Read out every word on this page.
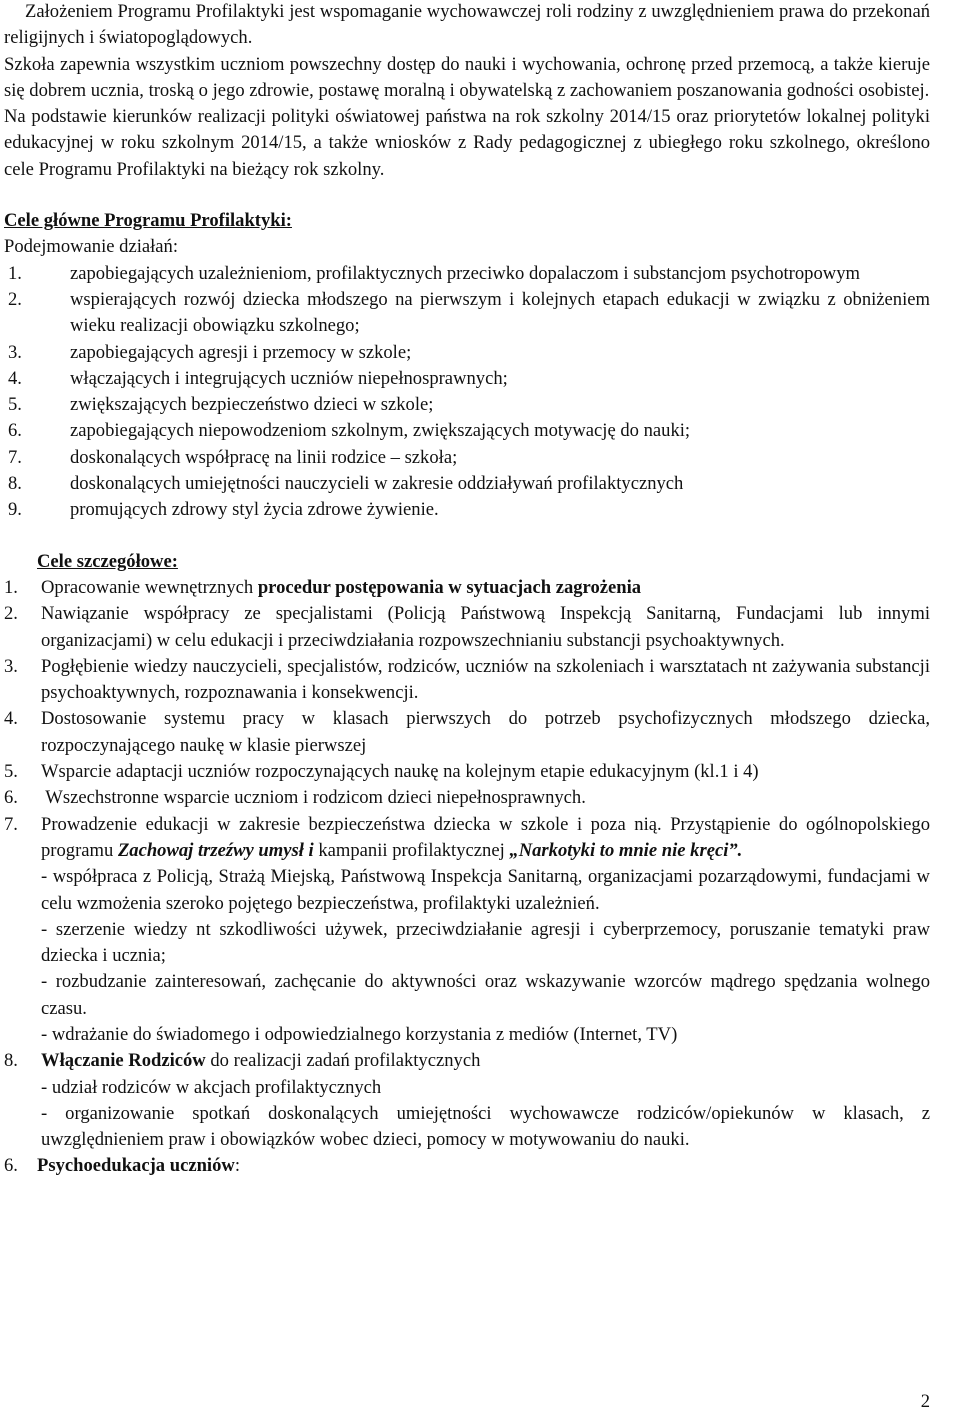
Założeniem Programu Profilaktyki jest wspomaganie wychowawczej roli rodziny z uwzględnieniem prawa do przekonań religijnych i światopoglądowych.

Szkoła zapewnia wszystkim uczniom powszechny dostęp do nauki i wychowania, ochronę przed przemocą, a także kieruje się dobrem ucznia, troską o jego zdrowie, postawę moralną i obywatelską z zachowaniem poszanowania godności osobistej.

Na podstawie kierunków realizacji polityki oświatowej państwa na rok szkolny 2014/15 oraz priorytetów lokalnej polityki edukacyjnej w roku szkolnym 2014/15, a także wniosków z Rady pedagogicznej z ubiegłego roku szkolnego, określono cele Programu Profilaktyki na bieżący rok szkolny.

Cele główne Programu Profilaktyki:

Podejmowanie działań:

1.	zapobiegających uzależnieniom, profilaktycznych przeciwko dopalaczom i substancjom psychotropowym

2.	wspierających rozwój dziecka młodszego na pierwszym i kolejnych etapach edukacji w związku z obniżeniem wieku realizacji obowiązku szkolnego;

3.	zapobiegających agresji i przemocy w szkole;

4.	włączających i integrujących uczniów niepełnosprawnych;

5.	zwiększających bezpieczeństwo dzieci w szkole;

6.	zapobiegających niepowodzeniom szkolnym, zwiększających motywację do nauki;

7.	doskonalących współpracę na linii rodzice – szkoła;

8.	doskonalących umiejętności nauczycieli w zakresie oddziaływań profilaktycznych

9.	promujących zdrowy styl życia zdrowe żywienie.

Cele szczegółowe:

1. Opracowanie wewnętrznych procedur postępowania w sytuacjach zagrożenia

2. Nawiązanie współpracy ze specjalistami (Policją Państwową Inspekcją Sanitarną, Fundacjami lub innymi organizacjami) w celu edukacji i przeciwdziałania rozpowszechnianiu substancji psychoaktywnych.

3. Pogłębienie wiedzy nauczycieli, specjalistów, rodziców, uczniów na szkoleniach i warsztatach nt zażywania substancji psychoaktywnych, rozpoznawania i konsekwencji.

4. Dostosowanie systemu pracy w klasach pierwszych do potrzeb psychofizycznych młodszego dziecka, rozpoczynającego naukę w klasie pierwszej

5. Wsparcie adaptacji uczniów rozpoczynających naukę na kolejnym etapie edukacyjnym (kl.1 i 4)

6. Wszechstronne wsparcie uczniom i rodzicom dzieci niepełnosprawnych.

7. Prowadzenie edukacji w zakresie bezpieczeństwa dziecka w szkole i poza nią. Przystąpienie do ogólnopolskiego programu Zachowaj trzeźwy umysł i kampanii profilaktycznej „Narkotyki to mnie nie kręci”.

- współpraca z Policją, Strażą Miejską, Państwową Inspekcja Sanitarną, organizacjami pozarządowymi, fundacjami w celu wzmożenia szeroko pojętego bezpieczeństwa, profilaktyki uzależnień.

- szerzenie wiedzy nt szkodliwości używek, przeciwdziałanie agresji i cyberprzemocy, poruszanie tematyki praw dziecka i ucznia;

- rozbudzanie zainteresowań, zachęcanie do aktywności oraz wskazywanie wzorców mądrego spędzania wolnego czasu.

- wdrażanie do świadomego i odpowiedzialnego korzystania z mediów (Internet, TV)

8. Włączanie Rodziców do realizacji zadań profilaktycznych

- udział rodziców w akcjach profilaktycznych

- organizowanie spotkań doskonalących umiejętności wychowawcze rodziców/opiekunów w klasach, z uwzględnieniem praw i obowiązków wobec dzieci, pomocy w motywowaniu do nauki.

6. Psychoedukacja uczniów:
2
